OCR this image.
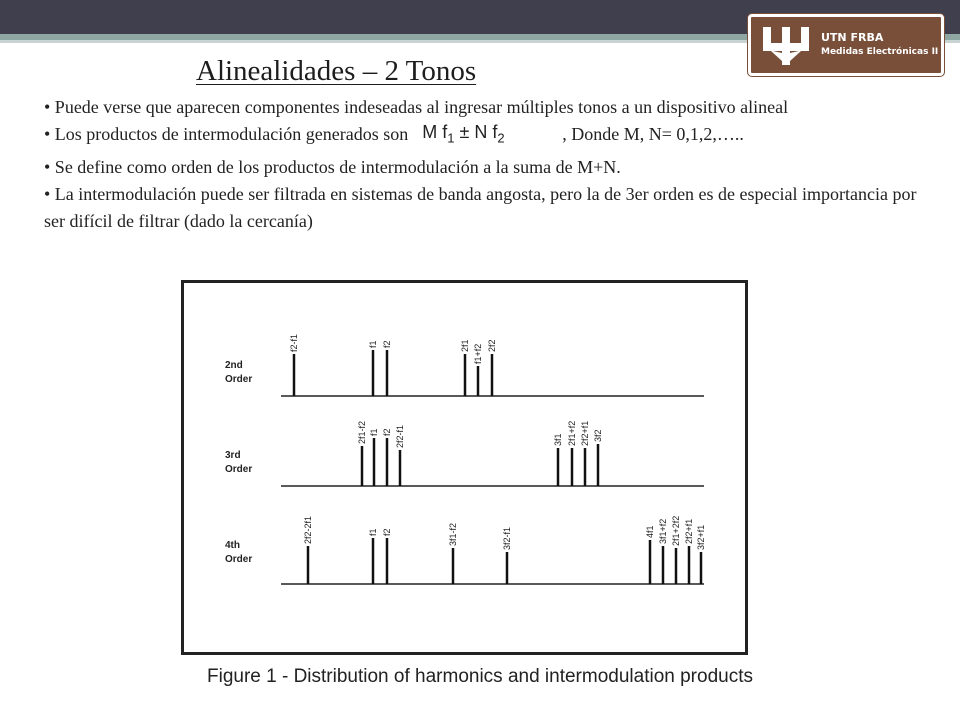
UTN FRBA
Medidas Electrónicas II
Alinealidades – 2 Tonos

• Puede verse que aparecen componentes indeseadas al ingresar múltiples tonos a un dispositivo alineal

• Los productos de intermodulación generados son M $f_1 \pm N$ $f_2$	, Donde M, N= 0,1,2,…..

• Se define como orden de los productos de intermodulación a la suma de M+N.

• La intermodulación puede ser filtrada en sistemas de banda angosta, pero la de 3er orden es de especial importancia por ser difícil de filtrar (dado la cercanía)

2nd
Order
f2-f1	f1 f2	2f1 f1+f2 2f2
3rd
Order
2f1-f2 f1 f2 2f2-f1	3f1 2f1+f2 2f2+f1 3f2
4th
Order
2f2-2f1	f1 f2	3f1-f2	3f2-f1	4f1 3f1+f2 2f1+2f2 2f2+f1 3f2+f1
Figure 1 - Distribution of harmonics and intermodulation products
